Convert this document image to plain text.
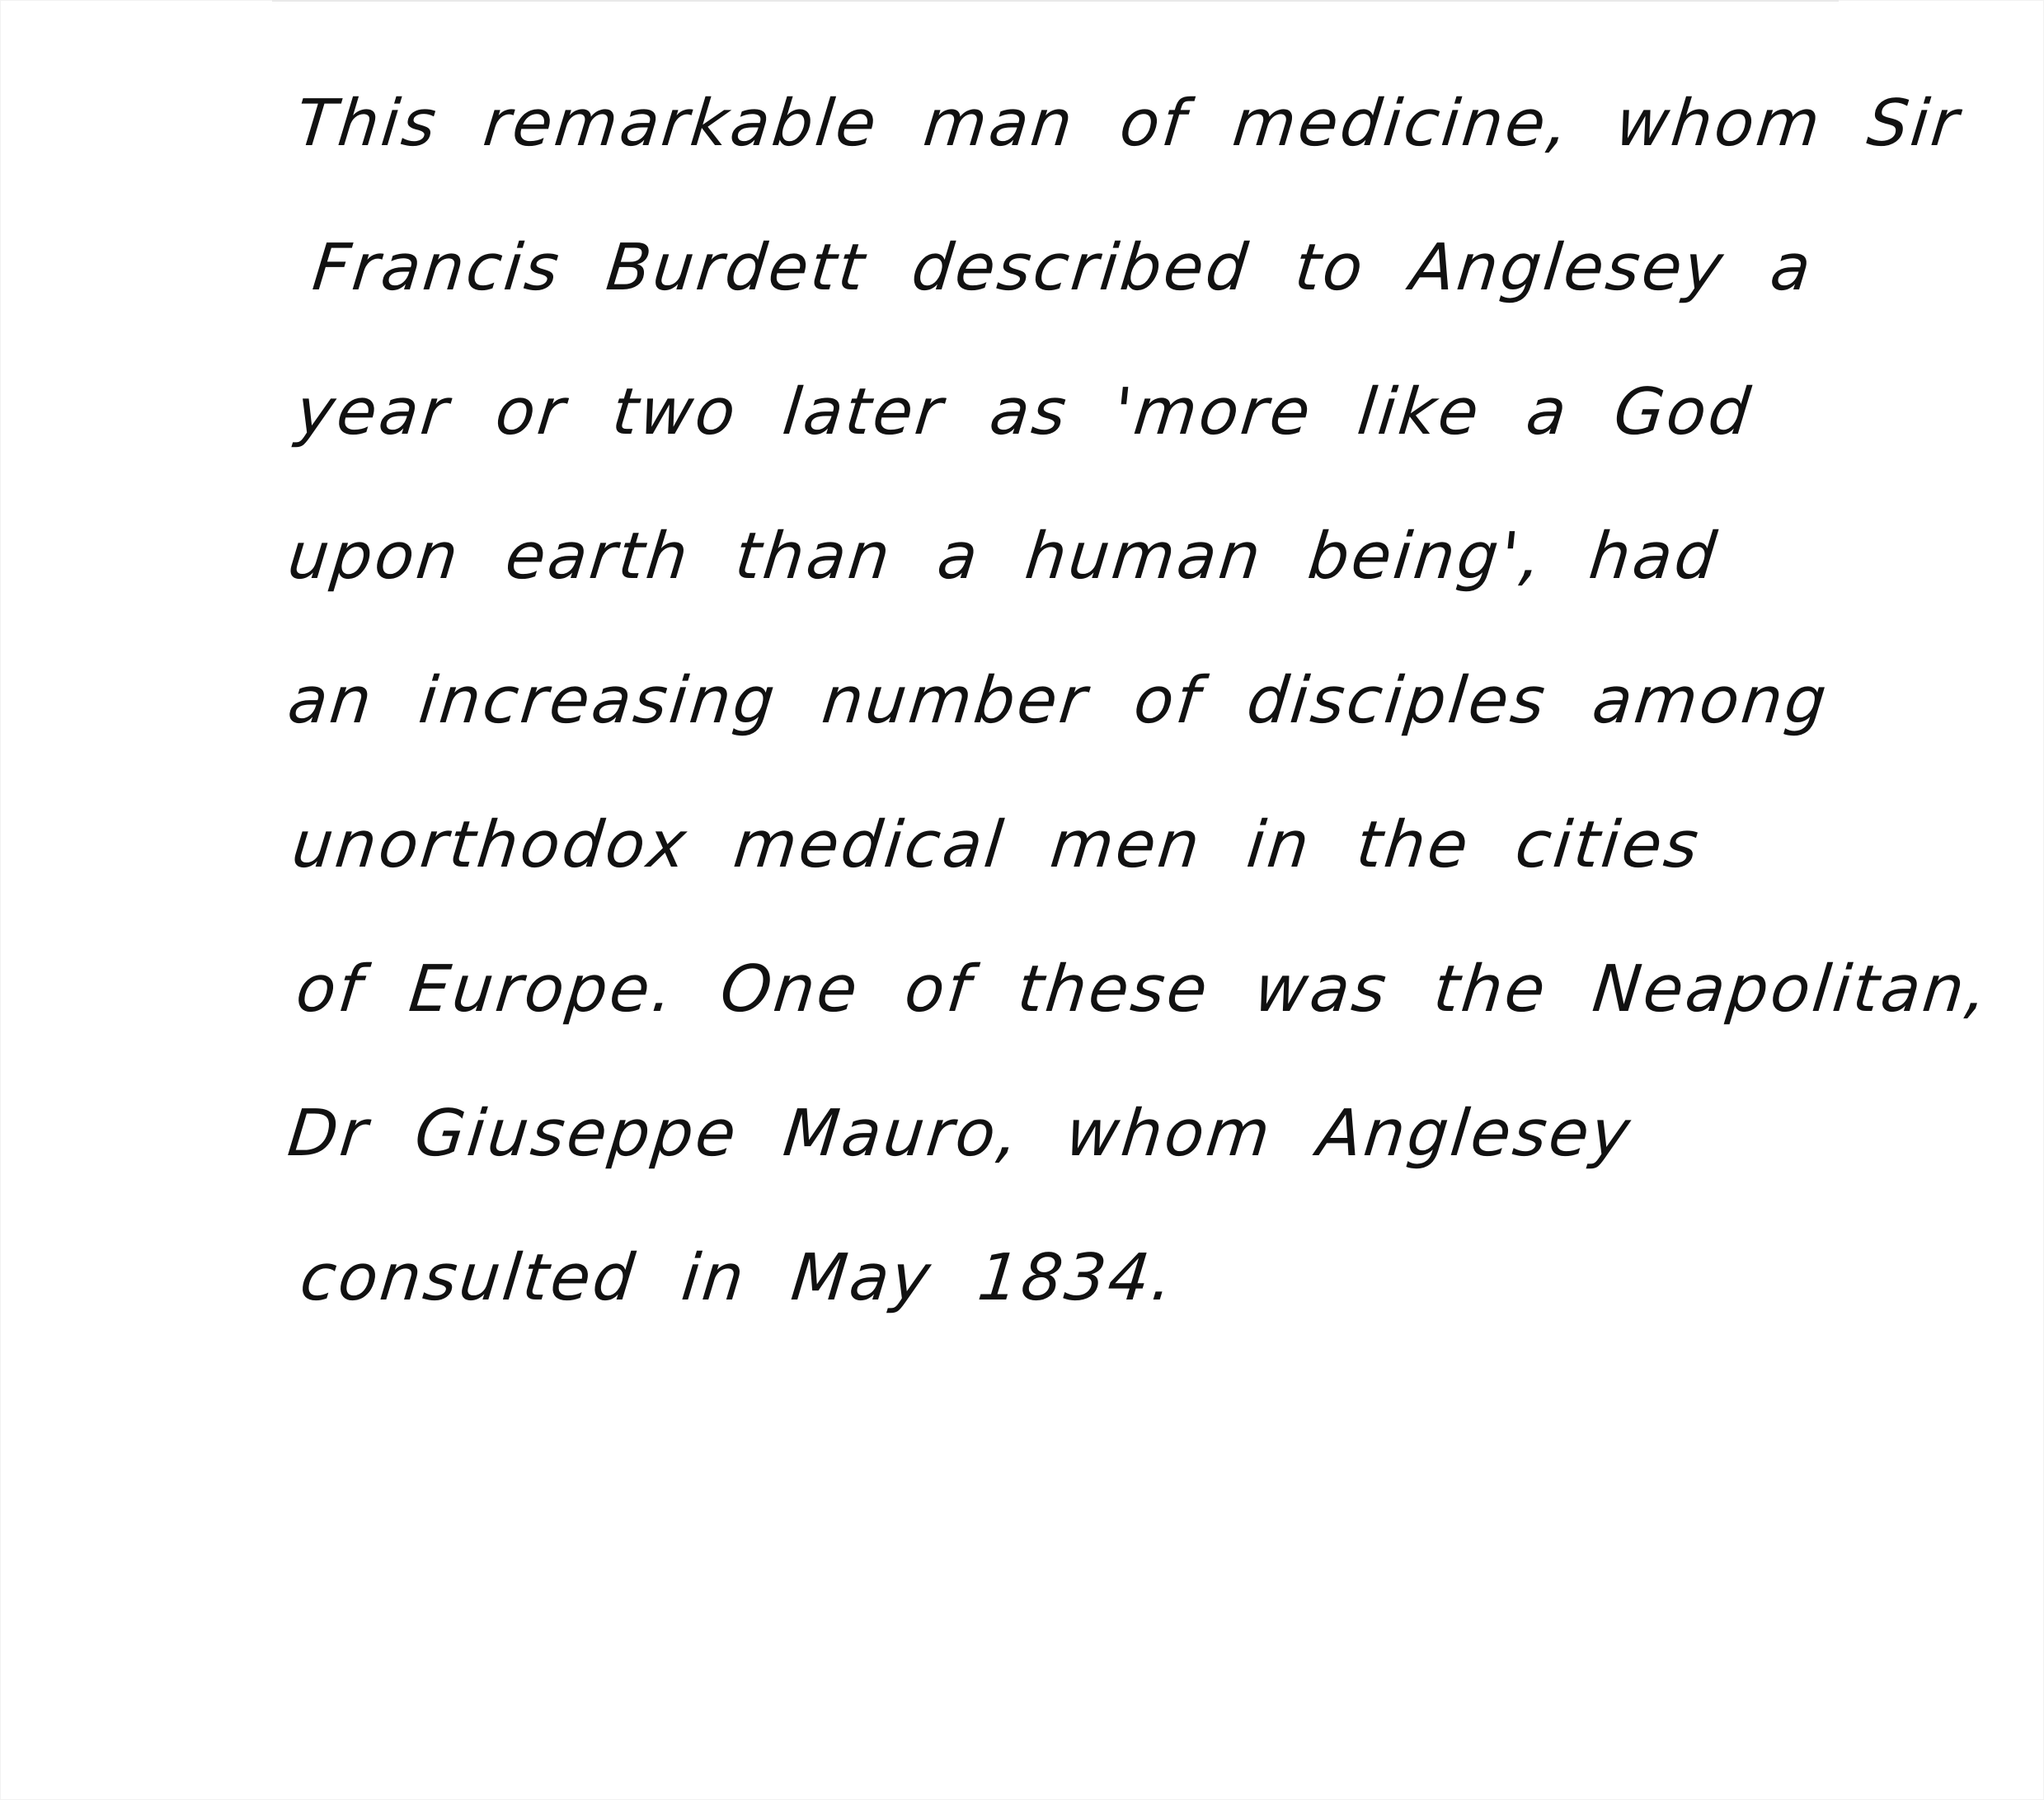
This remarkable man of medicine, whom Sir
Francis Burdett described to Anglesey a
year or two later as 'more like a God
upon earth than a human being', had
an increasing number of disciples among
unorthodox medical men in the cities
of Europe. One of these was the Neapolitan,
Dr Giuseppe Mauro, whom Anglesey
consulted in May 1834.
